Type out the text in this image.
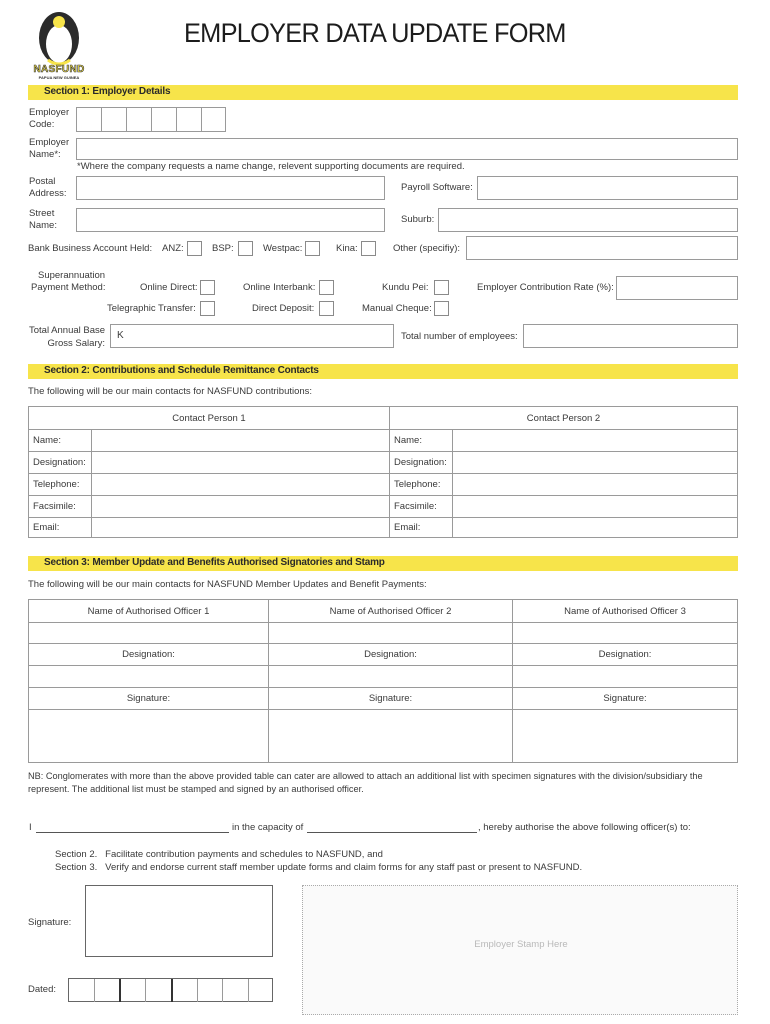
NASFUND
PAPUA NEW GUINEA
EMPLOYER DATA UPDATE FORM
Section 1: Employer Details
Employer Code:
Employer Name*:
*Where the company requests a name change, relevent supporting documents are required.
Postal Address:
Payroll Software:
Street Name:
Suburb:
Bank Business Account Held: ANZ:	BSP:	Westpac:	Kina:	Other (specifiy):
Superannuation
Payment Method:	Online Direct:	Online Interbank:	Kundu Pei:	Employer Contribution Rate (%):
Telegraphic Transfer:	Direct Deposit:	Manual Cheque:
Total Annual Base
Gross Salary:
K	Total number of employees:
Section 2: Contributions and Schedule Remittance Contacts
The following will be our main contacts for NASFUND contributions:
Contact Person 1		Contact Person 2	
Name:		Name:	
Designation:		Designation:	
Telephone:		Telephone:	
Facsimile:		Facsimile:	
Email:		Email:	
Section 3: Member Update and Benefits Authorised Signatories and Stamp
The following will be our main contacts for NASFUND Member Updates and Benefit Payments:
Name of Authorised Officer 1	Name of Authorised Officer 2	Name of Authorised Officer 3

Designation:	Designation:	Designation:

Signature:	Signature:	Signature:

NB: Conglomerates with more than the above provided table can cater are allowed to attach an additional list with specimen signatures with the division/subsidiary the
represent. The additional list must be stamped and signed by an authorised officer.
I	in the capacity of	, hereby authorise the above following officer(s) to:
Section 2.   Facilitate contribution payments and schedules to NASFUND, and
Section 3.   Verify and endorse current staff member update forms and claim forms for any staff past or present to NASFUND.
Signature:
Employer Stamp Here
Dated:
